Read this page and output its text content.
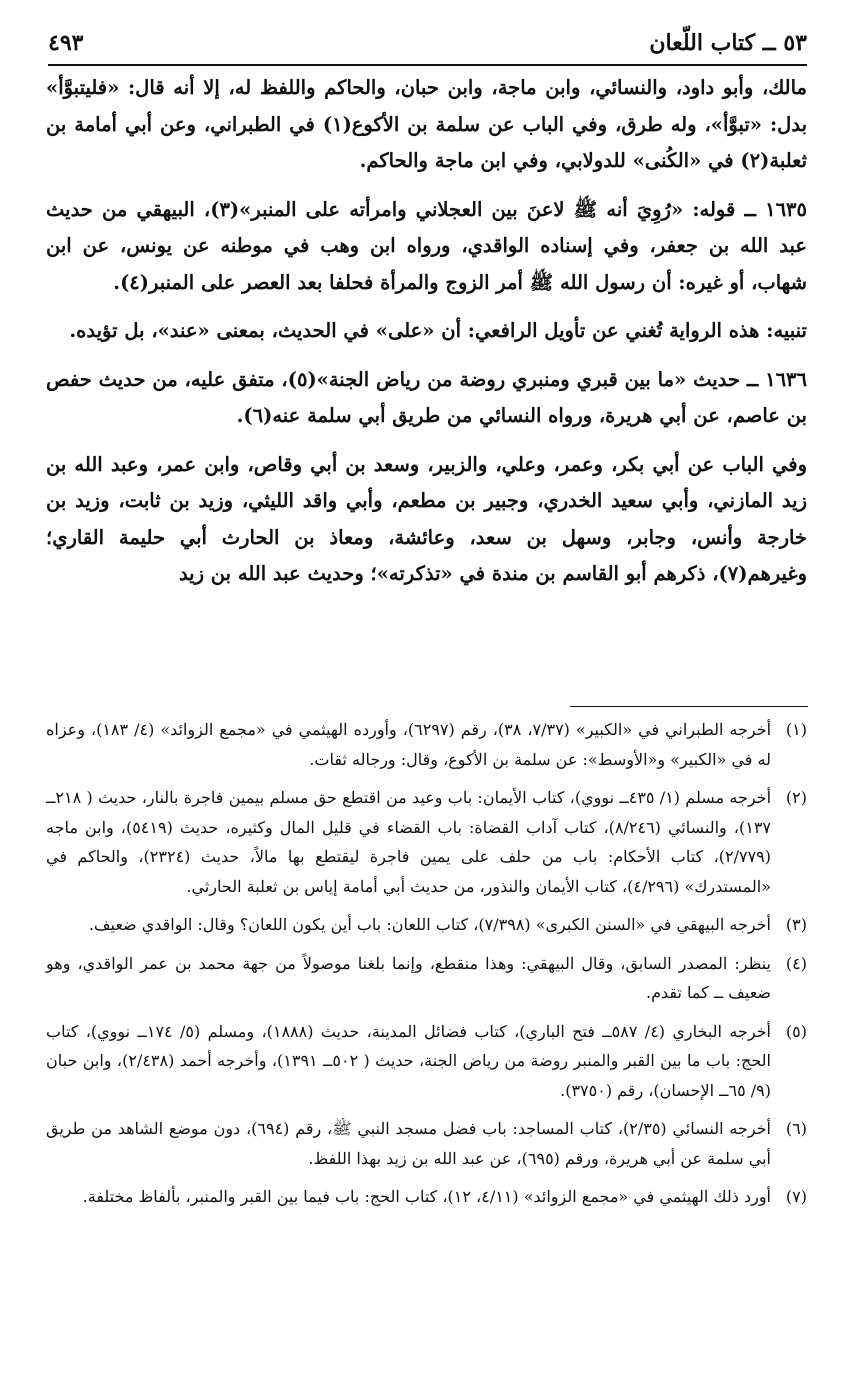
٥٣ ــ كتاب اللّعان
٤٩٣

مالك، وأبو داود، والنسائي، وابن ماجة، وابن حبان، والحاكم واللفظ له، إلا أنه قال: «فليتبوَّأ» بدل: «تبوَّأ»، وله طرق، وفي الباب عن سلمة بن الأكوع(١) في الطبراني، وعن أبي أمامة بن ثعلبة(٢) في «الكُنى» للدولابي، وفي ابن ماجة والحاكم.

١٦٣٥ ــ قوله: «رُوِيَ أنه ﷺ لاعنَ بين العجلاني وامرأته على المنبر»(٣)، البيهقي من حديث عبد الله بن جعفر، وفي إسناده الواقدي، ورواه ابن وهب في موطنه عن يونس، عن ابن شهاب، أو غيره: أن رسول الله ﷺ أمر الزوج والمرأة فحلفا بعد العصر على المنبر(٤).

تنبيه: هذه الرواية تُغني عن تأويل الرافعي: أن «على» في الحديث، بمعنى «عند»، بل تؤيده.

١٦٣٦ ــ حديث «ما بين قبري ومنبري روضة من رياض الجنة»(٥)، متفق عليه، من حديث حفص بن عاصم، عن أبي هريرة، ورواه النسائي من طريق أبي سلمة عنه(٦).

وفي الباب عن أبي بكر، وعمر، وعلي، والزبير، وسعد بن أبي وقاص، وابن عمر، وعبد الله بن زيد المازني، وأبي سعيد الخدري، وجبير بن مطعم، وأبي واقد الليثي، وزيد بن ثابت، وزيد بن خارجة وأنس، وجابر، وسهل بن سعد، وعائشة، ومعاذ بن الحارث أبي حليمة القاري؛ وغيرهم(٧)، ذكرهم أبو القاسم بن مندة في «تذكرته»؛ وحديث عبد الله بن زيد

(١)
أخرجه الطبراني في «الكبير» (٧/٣٧، ٣٨)، رقم (٦٢٩٧)، وأورده الهيثمي في «مجمع الزوائد» (٤/ ١٨٣)، وعزاه له في «الكبير» و«الأوسط»: عن سلمة بن الأكوع، وقال: ورجاله ثقات.

(٢)
أخرجه مسلم (١/ ٤٣٥ــ نووي)، كتاب الأيمان: باب وعيد من اقتطع حق مسلم بيمين فاجرة بالنار، حديث ( ٢١٨ــ ١٣٧)، والنسائي (٨/٢٤٦)، كتاب آداب القضاة: باب القضاء في قليل المال وكثيره، حديث (٥٤١٩)، وابن ماجه (٢/٧٧٩)، كتاب الأحكام: باب من حلف على يمين فاجرة ليقتطع بها مالاً، حديث (٢٣٢٤)، والحاكم في «المستدرك» (٤/٢٩٦)، كتاب الأيمان والنذور، من حديث أبي أمامة إياس بن ثعلبة الحارثي.

(٣)
أخرجه البيهقي في «السنن الكبرى» (٧/٣٩٨)، كتاب اللعان: باب أين يكون اللعان؟ وقال: الواقدي ضعيف.

(٤)
ينظر: المصدر السابق، وقال البيهقي: وهذا منقطع، وإنما بلغنا موصولاً من جهة محمد بن عمر الواقدي، وهو ضعيف ــ كما تقدم.

(٥)
أخرجه البخاري (٤/ ٥٨٧ــ فتح الباري)، كتاب فضائل المدينة، حديث (١٨٨٨)، ومسلم (٥/ ١٧٤ــ نووي)، كتاب الحج: باب ما بين القبر والمنبر روضة من رياض الجنة، حديث ( ٥٠٢ــ ١٣٩١)، وأخرجه أحمد (٢/٤٣٨)، وابن حبان (٩/ ٦٥ــ الإحسان)، رقم (٣٧٥٠).

(٦)
أخرجه النسائي (٢/٣٥)، كتاب المساجد: باب فضل مسجد النبي ﷺ، رقم (٦٩٤)، دون موضع الشاهد من طريق أبي سلمة عن أبي هريرة، ورقم (٦٩٥)، عن عبد الله بن زيد بهذا اللفظ.

(٧)
أورد ذلك الهيثمي في «مجمع الزوائد» (٤/١١، ١٢)، كتاب الحج: باب فيما بين القبر والمنبر، بألفاظ مختلفة.
